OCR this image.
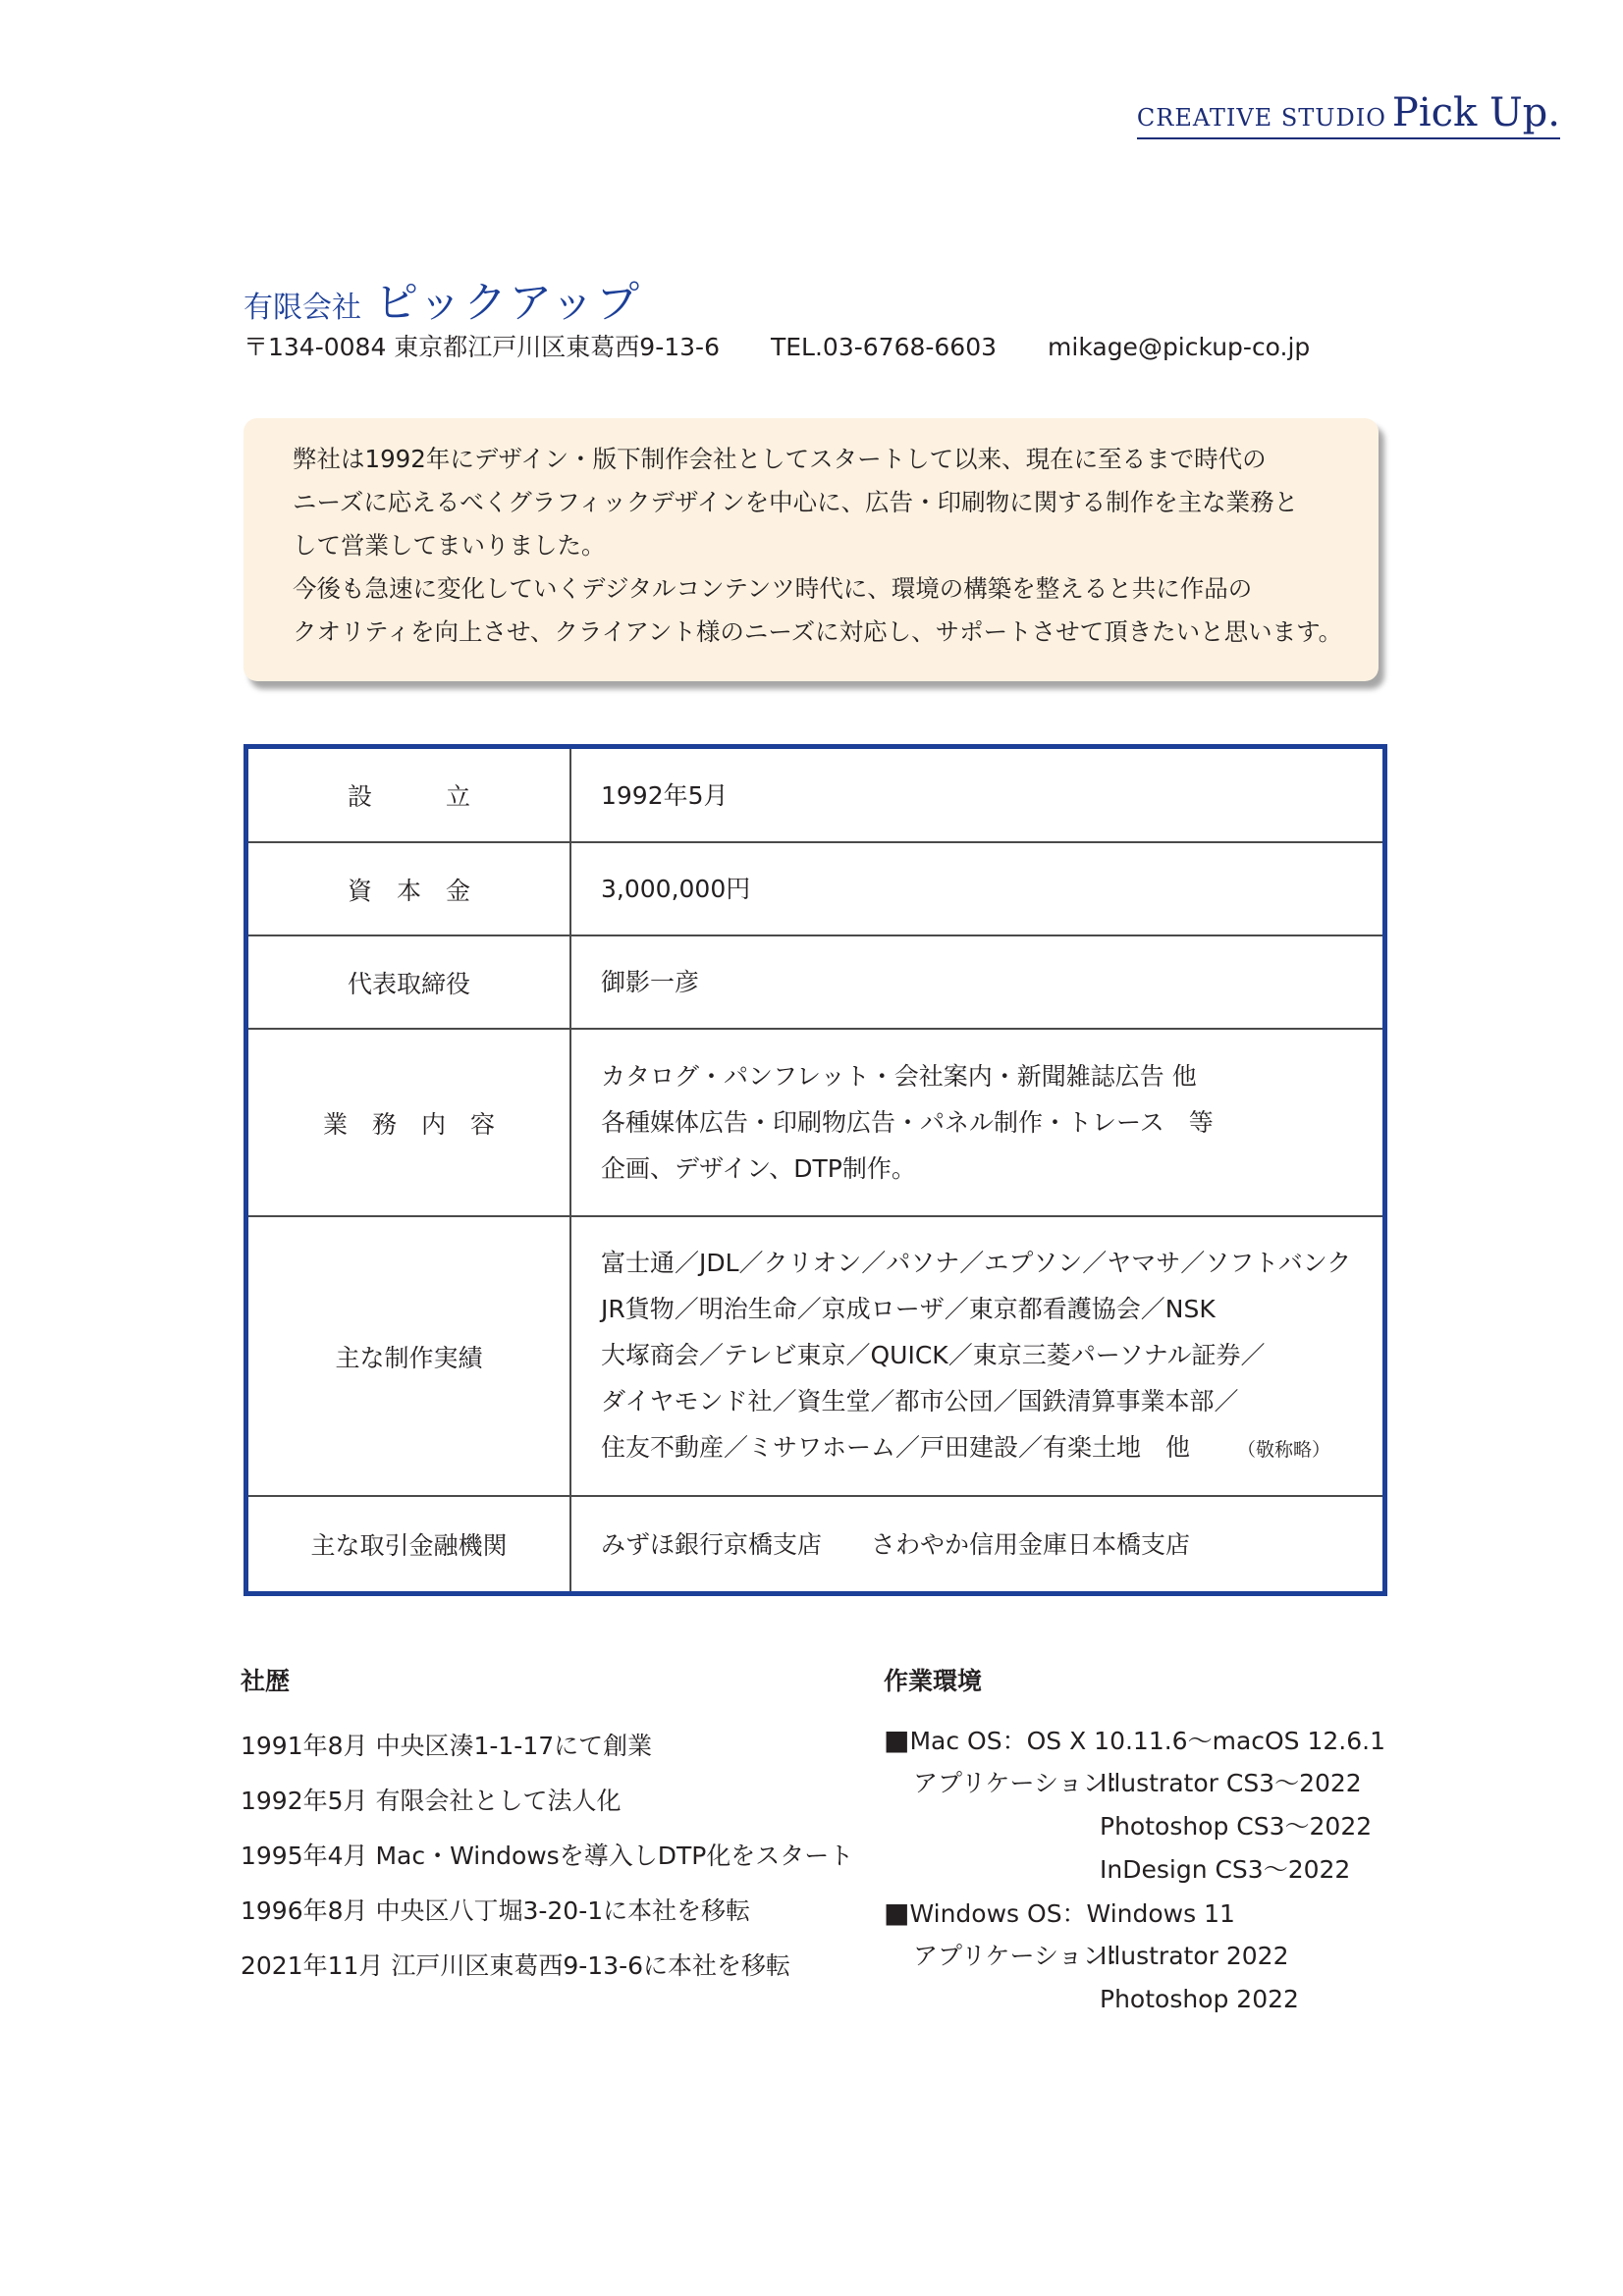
CREATIVE STUDIO Pick Up.
有限会社 ピックアップ
〒134-0084 東京都江戸川区東葛西9-13-6 TEL.03-6768-6603 mikage@pickup-co.jp

弊社は1992年にデザイン・版下制作会社としてスタートして以来、現在に至るまで時代の

ニーズに応えるべくグラフィックデザインを中心に、広告・印刷物に関する制作を主な業務と

して営業してまいりました。

今後も急速に変化していくデジタルコンテンツ時代に、環境の構築を整えると共に作品の

クオリティを向上させ、クライアント様のニーズに対応し、サポートさせて頂きたいと思います。

設　　　立	1992年5月
資　本　金	3,000,000円
代表取締役	御影一彦
業　務　内　容	カタログ・パンフレット・会社案内・新聞雑誌広告 他
各種媒体広告・印刷物広告・パネル制作・トレース　等
企画、デザイン、DTP制作。

主な制作実績	富士通／JDL／クリオン／パソナ／エプソン／ヤマサ／ソフトバンク
JR貨物／明治生命／京成ローザ／東京都看護協会／NSK
大塚商会／テレビ東京／QUICK／東京三菱パーソナル証券／
ダイヤモンド社／資生堂／都市公団／国鉄清算事業本部／
住友不動産／ミサワホーム／戸田建設／有楽土地　他 （敬称略）

主な取引金融機関	みずほ銀行京橋支店　　さわやか信用金庫日本橋支店
社歴
1991年8月 中央区湊1-1-17にて創業
1992年5月 有限会社として法人化
1995年4月 Mac・Windowsを導入しDTP化をスタート
1996年8月 中央区八丁堀3-20-1に本社を移転
2021年11月 江戸川区東葛西9-13-6に本社を移転
作業環境
■Mac OS：OS X 10.11.6～macOS 12.6.1
アプリケーション：Illustrator CS3～2022
Photoshop CS3～2022
InDesign CS3～2022
■Windows OS：Windows 11
アプリケーション：Illustrator 2022
Photoshop 2022
